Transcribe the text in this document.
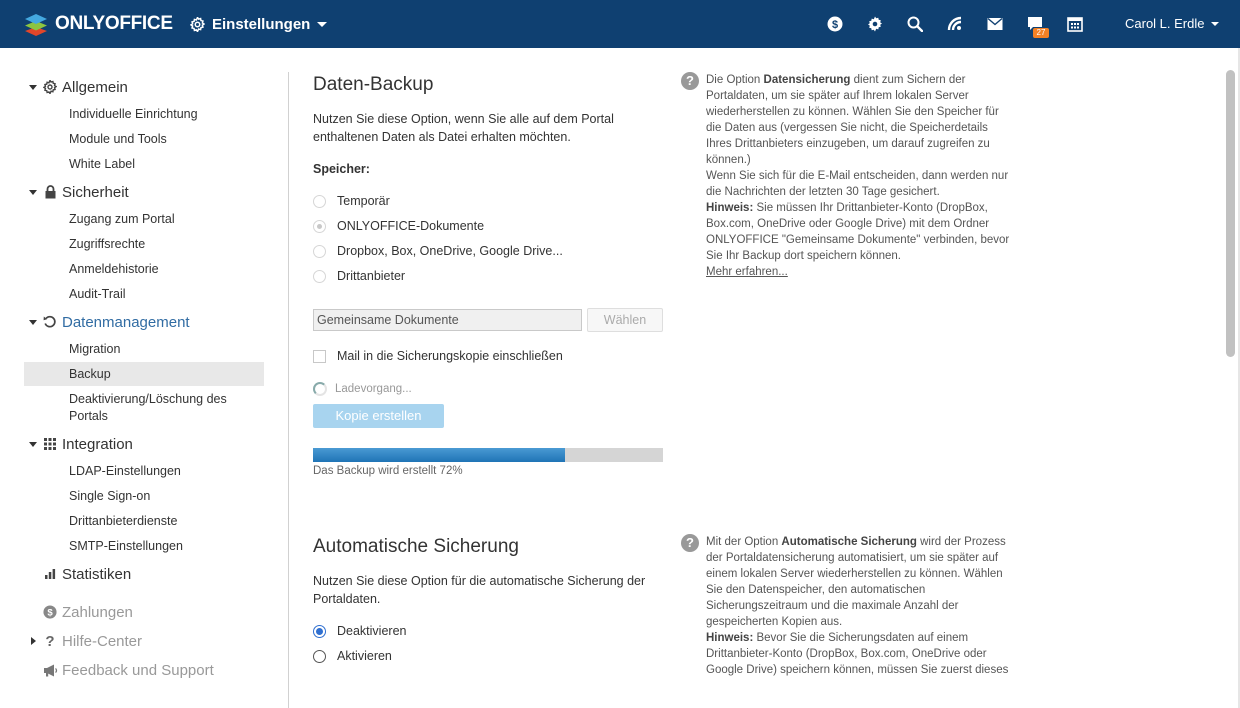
ONLYOFFICE	Einstellungen	$
27
Carol L. Erdle
Allgemein
Individuelle Einrichtung
Module und Tools
White Label
Sicherheit
Zugang zum Portal
Zugriffsrechte
Anmeldehistorie
Audit-Trail
Datenmanagement
Migration
Backup
Deaktivierung/Löschung des Portals
Integration
LDAP-Einstellungen
Single Sign-on
Drittanbieterdienste
SMTP-Einstellungen
Statistiken
$ Zahlungen
? Hilfe-Center
Feedback und Support
Daten-Backup
Nutzen Sie diese Option, wenn Sie alle auf dem Portal enthaltenen Daten als Datei erhalten möchten.
Speicher:
Temporär
ONLYOFFICE-Dokumente
Dropbox, Box, OneDrive, Google Drive...
Drittanbieter
Gemeinsame Dokumente	Wählen
Mail in die Sicherungskopie einschließen
Ladevorgang...
Kopie erstellen
Das Backup wird erstellt 72%
?	Die Option Datensicherung dient zum Sichern der Portaldaten, um sie später auf Ihrem lokalen Server wiederherstellen zu können. Wählen Sie den Speicher für die Daten aus (vergessen Sie nicht, die Speicherdetails Ihres Drittanbieters einzugeben, um darauf zugreifen zu können.)
Wenn Sie sich für die E-Mail entscheiden, dann werden nur die Nachrichten der letzten 30 Tage gesichert.
Hinweis: Sie müssen Ihr Drittanbieter-Konto (DropBox, Box.com, OneDrive oder Google Drive) mit dem Ordner ONLYOFFICE "Gemeinsame Dokumente" verbinden, bevor Sie Ihr Backup dort speichern können.
Mehr erfahren...
Automatische Sicherung
Nutzen Sie diese Option für die automatische Sicherung der Portaldaten.
Deaktivieren
Aktivieren
?	Mit der Option Automatische Sicherung wird der Prozess der Portaldatensicherung automatisiert, um sie später auf einem lokalen Server wiederherstellen zu können. Wählen Sie den Datenspeicher, den automatischen Sicherungszeitraum und die maximale Anzahl der gespeicherten Kopien aus.
Hinweis: Bevor Sie die Sicherungsdaten auf einem Drittanbieter-Konto (DropBox, Box.com, OneDrive oder Google Drive) speichern können, müssen Sie zuerst dieses
